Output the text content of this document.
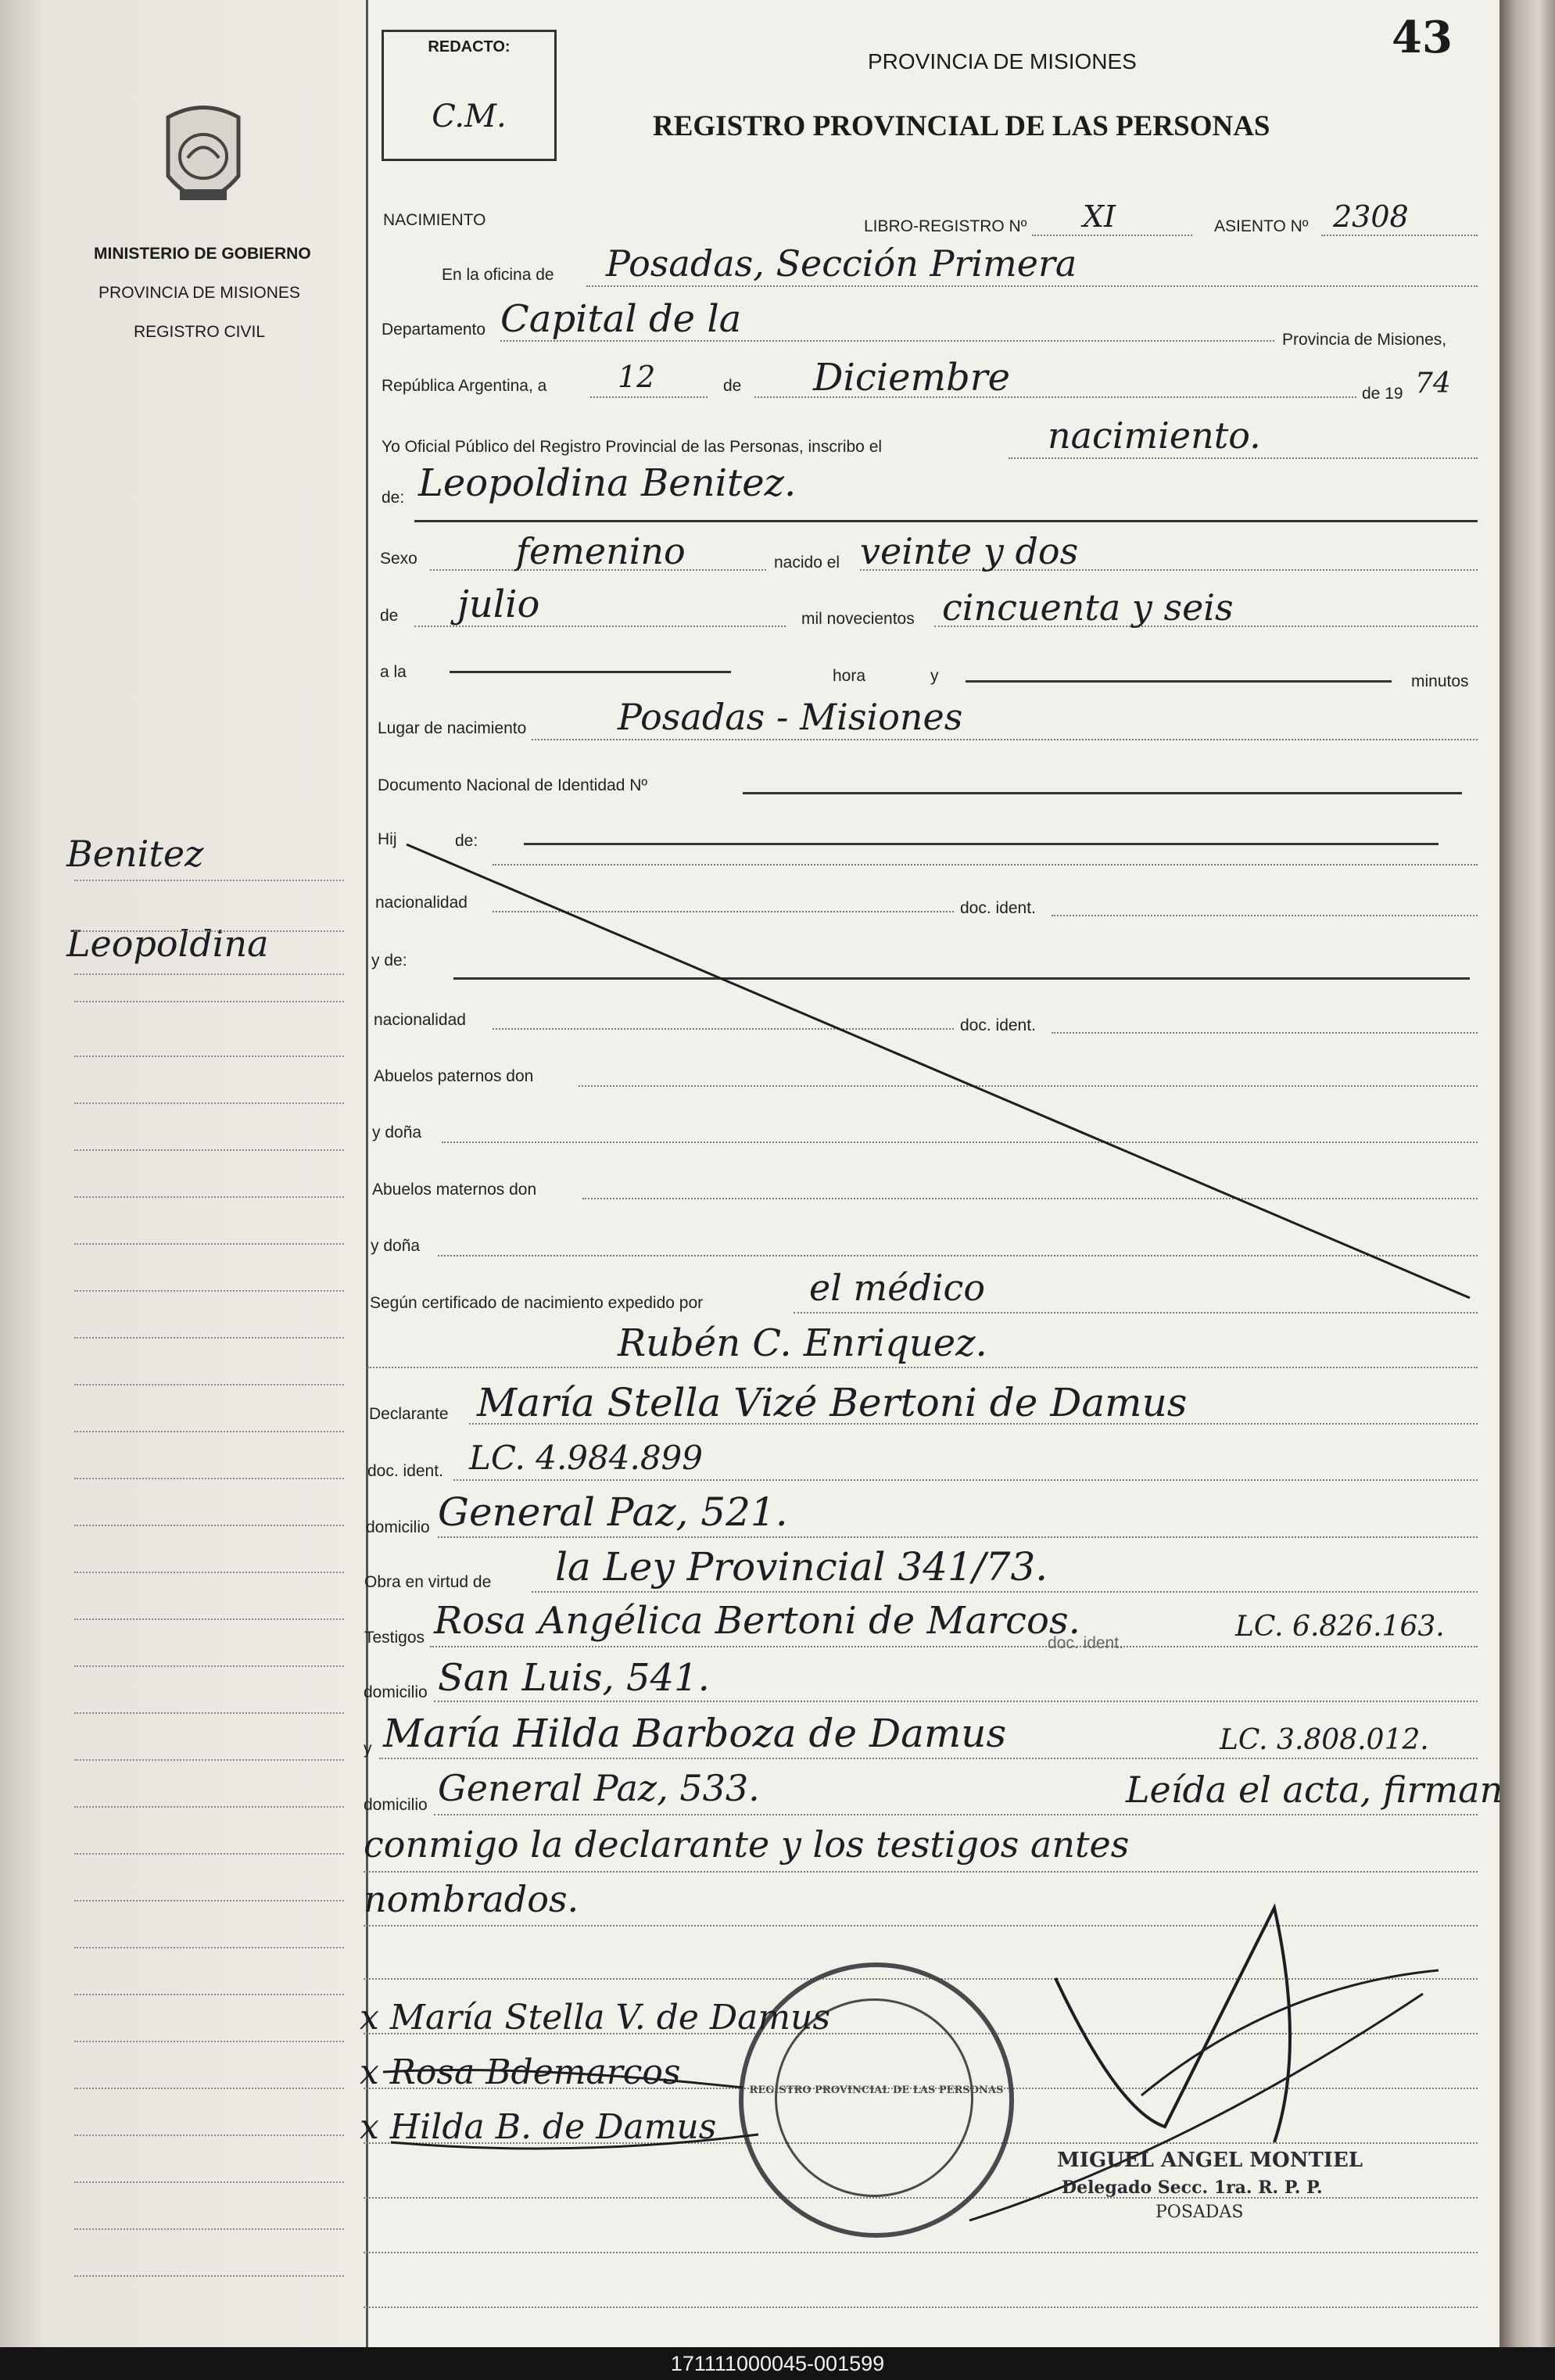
MINISTERIO DE GOBIERNO
PROVINCIA DE MISIONES
REGISTRO CIVIL
Benitez
Leopoldina
REDACTO:
C.M.
43
PROVINCIA DE MISIONES
REGISTRO PROVINCIAL DE LAS PERSONAS
NACIMIENTO	LIBRO-REGISTRO Nº XI	ASIENTO Nº 2308
En la oficina de Posadas, Sección Primera
Departamento Capital de la	Provincia de Misiones,
República Argentina, a 12	de Diciembre	de 19 74
Yo Oficial Público del Registro Provincial de las Personas, inscribo el	nacimiento.
de: Leopoldina Benitez.
Sexo	femenino	nacido el veinte y dos
de julio	mil novecientos cincuenta y seis
a la	hora	y	minutos
Lugar de nacimiento	Posadas - Misiones
Documento Nacional de Identidad Nº
Hij	de:
nacionalidad	doc. ident.
y de:
nacionalidad	doc. ident.
Abuelos paternos don
y doña
Abuelos maternos don
y doña
Según certificado de nacimiento expedido por	el médico
Rubén C. Enriquez.
Declarante María Stella Vizé Bertoni de Damus
doc. ident. LC. 4.984.899
domicilio General Paz, 521.
Obra en virtud de la Ley Provincial 341/73.
Testigos Rosa Angélica Bertoni de Marcos.
doc. ident.
LC. 6.826.163.
domicilio San Luis, 541.
y María Hilda Barboza de Damus	LC. 3.808.012.
domicilio General Paz, 533.	Leída el acta, firman
conmigo la declarante y los testigos antes
nombrados.
REGISTRO PROVINCIAL DE LAS PERSONAS
x María Stella V. de Damus
x Rosa Bdemarcos
x Hilda B. de Damus
MIGUEL ANGEL MONTIEL
Delegado Secc. 1ra. R. P. P.
POSADAS
171111000045-001599
